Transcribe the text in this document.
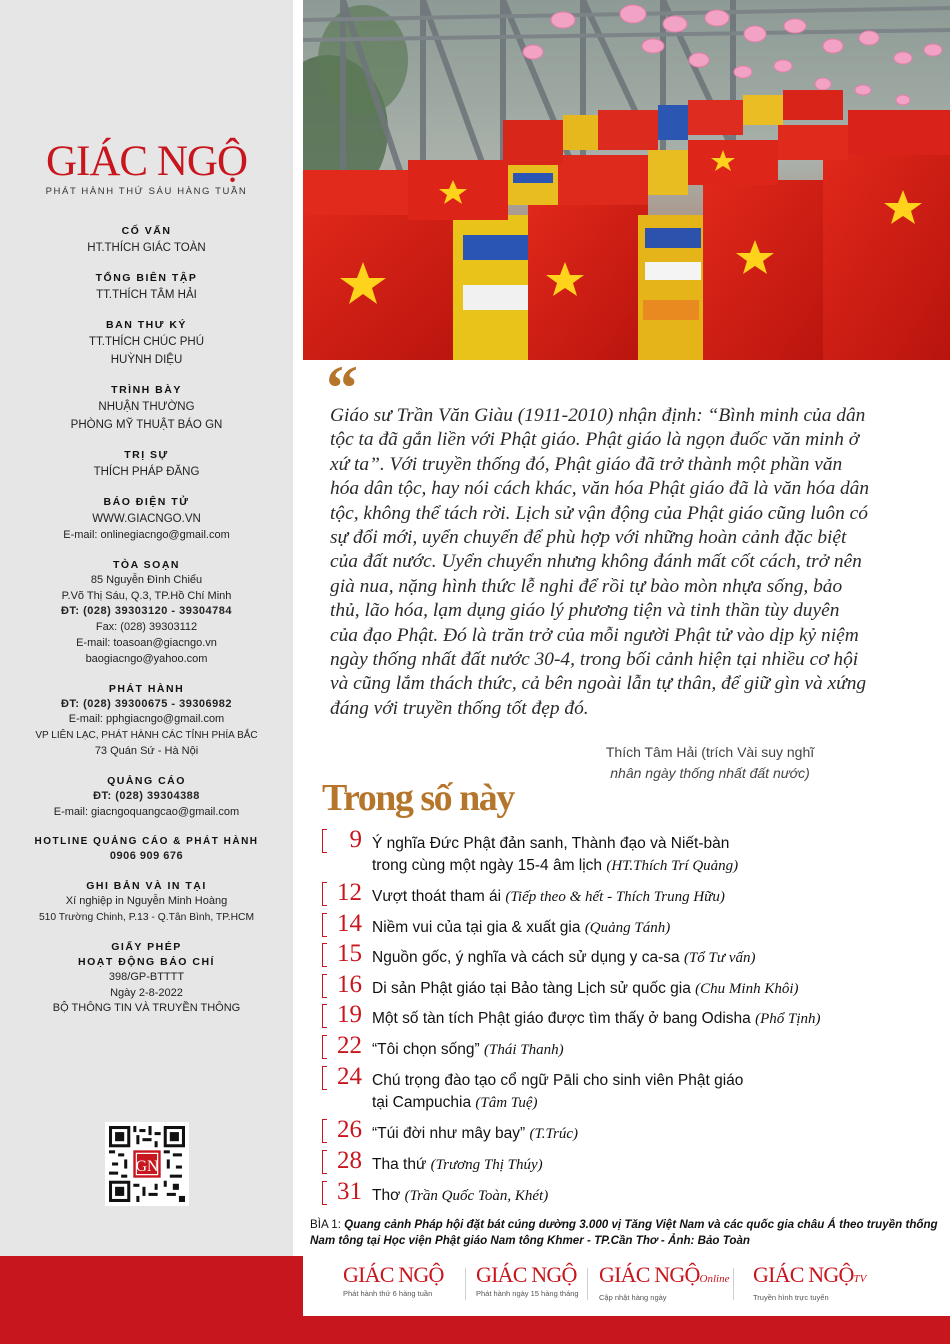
GIÁC NGỘ
PHÁT HÀNH THỨ SÁU HÀNG TUẦN
CỐ VẤN
HT.THÍCH GIÁC TOÀN
TỔNG BIÊN TẬP
TT.THÍCH TÂM HẢI
BAN THƯ KÝ
TT.THÍCH CHÚC PHÚ
HUỲNH DIỆU
TRÌNH BÀY
NHUẬN THƯỜNG
PHÒNG MỸ THUẬT BÁO GN
TRỊ SỰ
THÍCH PHÁP ĐĂNG
BÁO ĐIỆN TỬ
WWW.GIACNGO.VN
E-mail: onlinegiacngo@gmail.com
TÒA SOẠN
85 Nguyễn Đình Chiểu
P.Võ Thị Sáu, Q.3, TP.Hồ Chí Minh
ĐT: (028) 39303120 - 39304784
Fax: (028) 39303112
E-mail: toasoan@giacngo.vn
baogiacngo@yahoo.com
PHÁT HÀNH
ĐT: (028) 39300675 - 39306982
E-mail: pphgiacngo@gmail.com
VP LIÊN LẠC, PHÁT HÀNH CÁC TỈNH PHÍA BẮC
73 Quán Sứ - Hà Nội
QUẢNG CÁO
ĐT: (028) 39304388
E-mail: giacngoquangcao@gmail.com
HOTLINE QUẢNG CÁO & PHÁT HÀNH
0906 909 676
GHI BẢN VÀ IN TẠI
Xí nghiệp in Nguyễn Minh Hoàng
510 Trường Chinh, P.13 - Q.Tân Bình, TP.HCM
GIẤY PHÉP
HOẠT ĐỘNG BÁO CHÍ
398/GP-BTTTT
Ngày 2-8-2022
BỘ THÔNG TIN VÀ TRUYỀN THÔNG
GN
“

Giáo sư Trần Văn Giàu (1911-2010) nhận định: “Bình minh của dân tộc ta đã gắn liền với Phật giáo. Phật giáo là ngọn đuốc văn minh ở xứ ta”. Với truyền thống đó, Phật giáo đã trở thành một phần văn hóa dân tộc, hay nói cách khác, văn hóa Phật giáo đã là văn hóa dân tộc, không thể tách rời. Lịch sử vận động của Phật giáo cũng luôn có sự đổi mới, uyển chuyển để phù hợp với những hoàn cảnh đặc biệt của đất nước. Uyển chuyển nhưng không đánh mất cốt cách, trở nên già nua, nặng hình thức lễ nghi để rồi tự bào mòn nhựa sống, bảo thủ, lão hóa, lạm dụng giáo lý phương tiện và tinh thần tùy duyên của đạo Phật. Đó là trăn trở của mỗi người Phật tử vào dịp kỷ niệm ngày thống nhất đất nước 30-4, trong bối cảnh hiện tại nhiều cơ hội và cũng lắm thách thức, cả bên ngoài lẫn tự thân, để giữ gìn và xứng đáng với truyền thống tốt đẹp đó.

Thích Tâm Hải (trích Vài suy nghĩ
nhân ngày thống nhất đất nước)
Trong số này
9 Ý nghĩa Đức Phật đản sanh, Thành đạo và Niết-bàn
trong cùng một ngày 15-4 âm lịch (HT.Thích Trí Quảng)
12 Vượt thoát tham ái (Tiếp theo & hết - Thích Trung Hữu)
14 Niềm vui của tại gia & xuất gia (Quảng Tánh)
15 Nguồn gốc, ý nghĩa và cách sử dụng y ca-sa (Tổ Tư vấn)
16 Di sản Phật giáo tại Bảo tàng Lịch sử quốc gia (Chu Minh Khôi)
19 Một số tàn tích Phật giáo được tìm thấy ở bang Odisha (Phổ Tịnh)
22 “Tôi chọn sống” (Thái Thanh)
24 Chú trọng đào tạo cổ ngữ Pāli cho sinh viên Phật giáo
tại Campuchia (Tâm Tuệ)
26 “Túi đời như mây bay” (T.Trúc)
28 Tha thứ (Trương Thị Thúy)
31 Thơ (Trần Quốc Toàn, Khét)

BÌA 1: Quang cảnh Pháp hội đặt bát cúng dường 3.000 vị Tăng Việt Nam và các quốc gia châu Á theo truyền thống Nam tông tại Học viện Phật giáo Nam tông Khmer - TP.Cần Thơ - Ảnh: Bảo Toàn

GIÁC NGỘ
Phát hành thứ 6 hàng tuần
GIÁC NGỘ
Phát hành ngày 15 hàng tháng
GIÁC NGỘOnline
Cập nhật hàng ngày
GIÁC NGỘTV
Truyền hình trực tuyến
